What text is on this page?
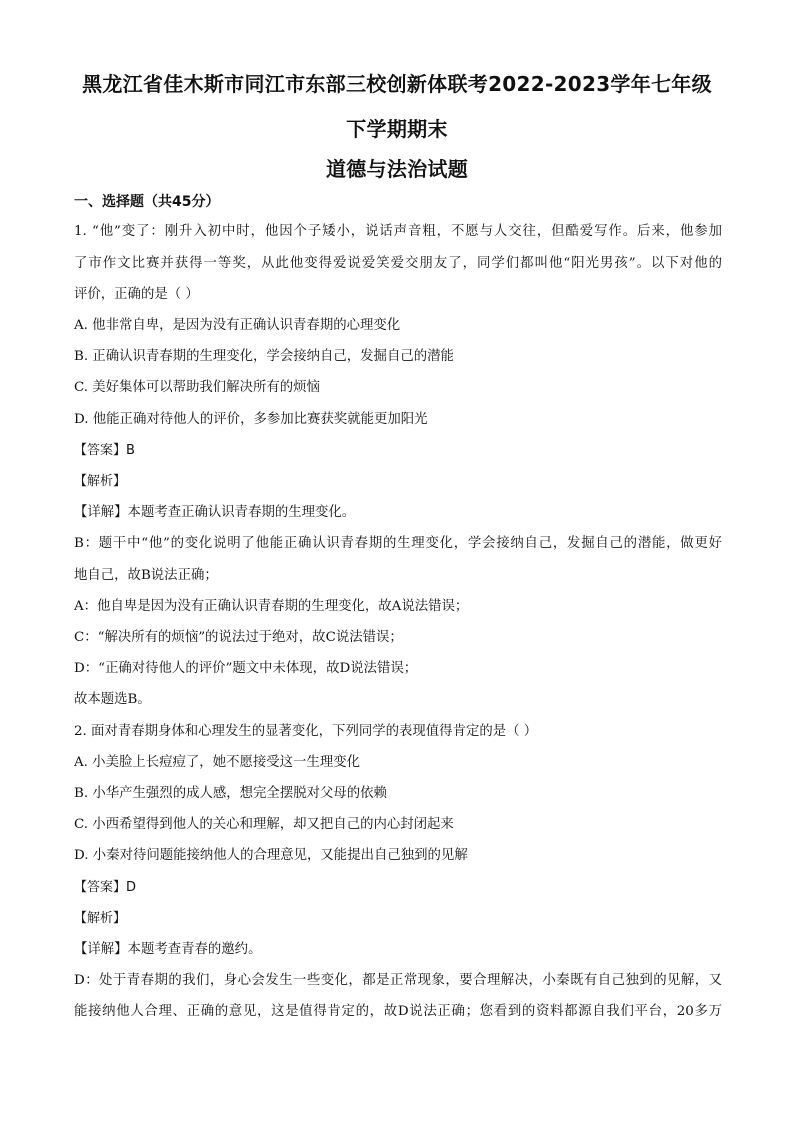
黑龙江省佳木斯市同江市东部三校创新体联考2022-2023学年七年级
下学期期末
道德与法治试题
一、选择题（共45分）
1. “他”变了：刚升入初中时，他因个子矮小，说话声音粗，不愿与人交往，但酷爱写作。后来，他参加
了市作文比赛并获得一等奖，从此他变得爱说爱笑爱交朋友了，同学们都叫他“阳光男孩”。以下对他的
评价，正确的是（ ）
A. 他非常自卑，是因为没有正确认识青春期的心理变化
B. 正确认识青春期的生理变化，学会接纳自己，发掘自己的潜能
C. 美好集体可以帮助我们解决所有的烦恼
D. 他能正确对待他人的评价，多参加比赛获奖就能更加阳光
【答案】B
【解析】
【详解】本题考查正确认识青春期的生理变化。
B：题干中“他”的变化说明了他能正确认识青春期的生理变化，学会接纳自己，发掘自己的潜能，做更好
地自己，故B说法正确；
A：他自卑是因为没有正确认识青春期的生理变化，故A说法错误；
C：“解决所有的烦恼”的说法过于绝对，故C说法错误；
D：“正确对待他人的评价”题文中未体现，故D说法错误；
故本题选B。
2. 面对青春期身体和心理发生的显著变化，下列同学的表现值得肯定的是（ ）
A. 小美脸上长痘痘了，她不愿接受这一生理变化
B. 小华产生强烈的成人感，想完全摆脱对父母的依赖
C. 小西希望得到他人的关心和理解，却又把自己的内心封闭起来
D. 小秦对待问题能接纳他人的合理意见，又能提出自己独到的见解
【答案】D
【解析】
【详解】本题考查青春的邀约。
D：处于青春期的我们，身心会发生一些变化，都是正常现象，要合理解决，小秦既有自己独到的见解，又
能接纳他人合理、正确的意见，这是值得肯定的，故D说法正确；您看到的资料都源自我们平台，20多万
